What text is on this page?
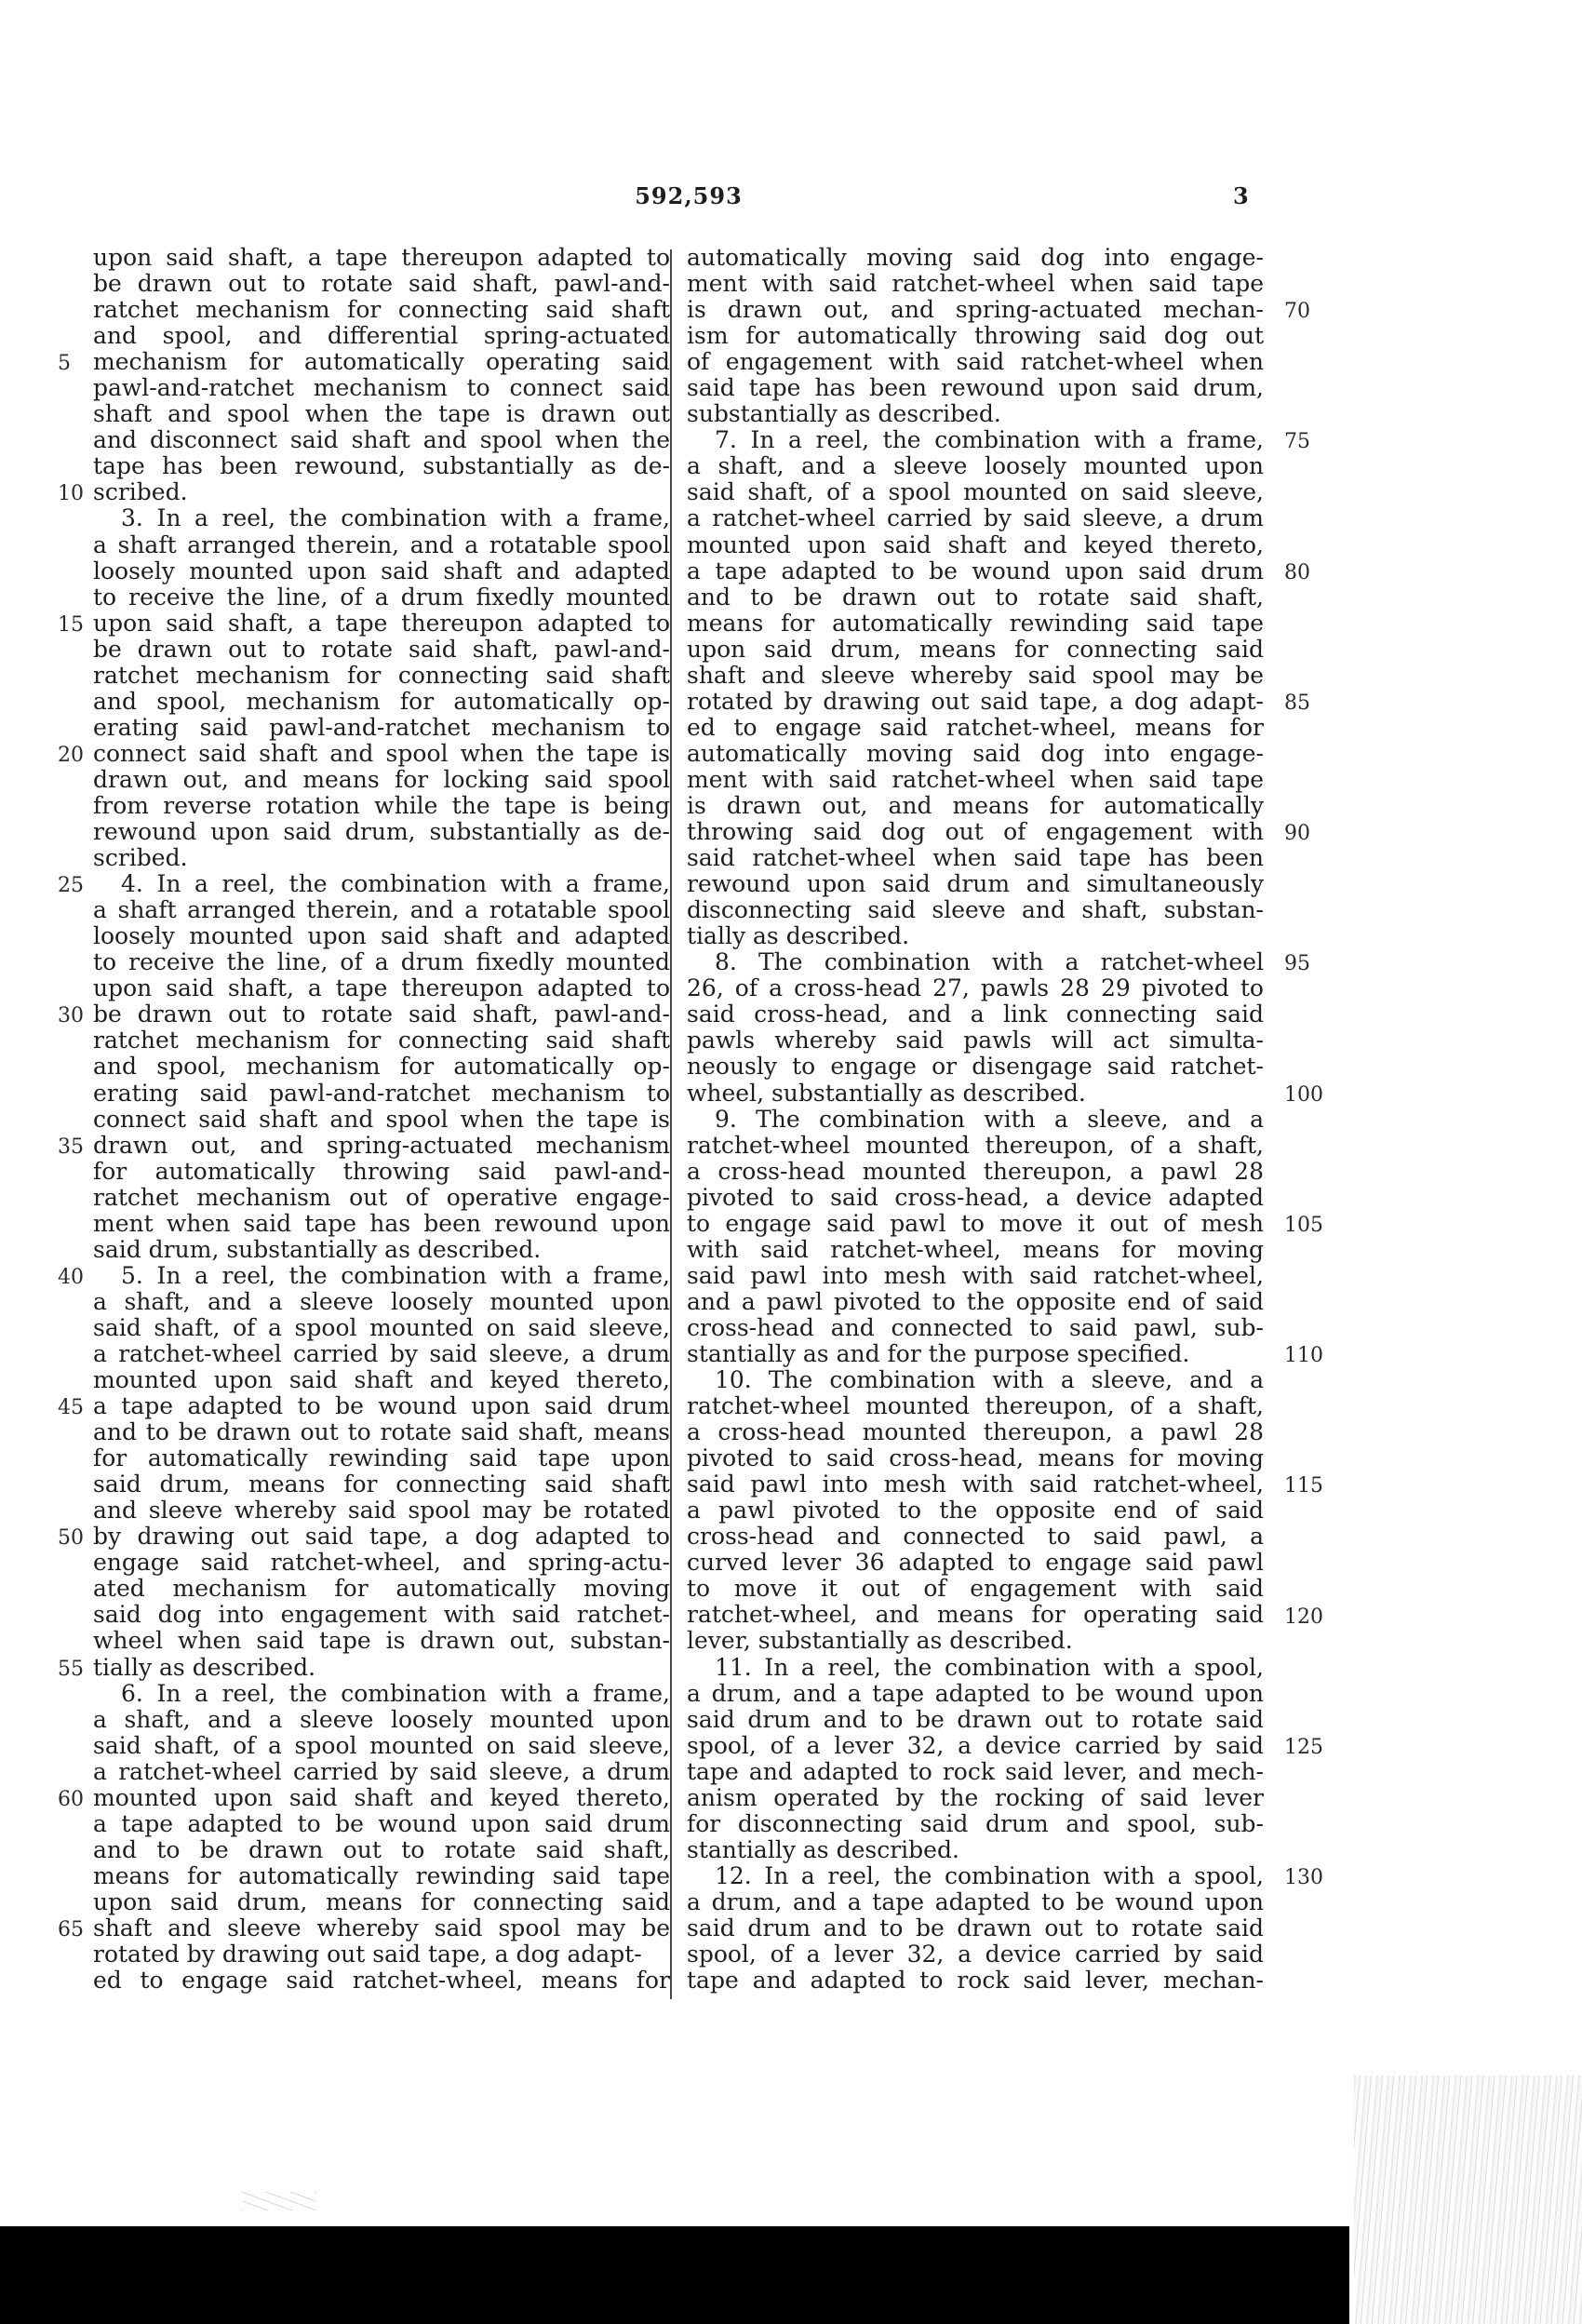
592,593	3
upon said shaft, a tape thereupon adapted to
be drawn out to rotate said shaft, pawl-and-
ratchet mechanism for connecting said shaft
and spool, and differential spring-actuated
mechanism for automatically operating said
pawl-and-ratchet mechanism to connect said
shaft and spool when the tape is drawn out
and disconnect said shaft and spool when the
tape has been rewound, substantially as de-
scribed.
3. In a reel, the combination with a frame,
a shaft arranged therein, and a rotatable spool
loosely mounted upon said shaft and adapted
to receive the line, of a drum fixedly mounted
upon said shaft, a tape thereupon adapted to
be drawn out to rotate said shaft, pawl-and-
ratchet mechanism for connecting said shaft
and spool, mechanism for automatically op-
erating said pawl-and-ratchet mechanism to
connect said shaft and spool when the tape is
drawn out, and means for locking said spool
from reverse rotation while the tape is being
rewound upon said drum, substantially as de-
scribed.
4. In a reel, the combination with a frame,
a shaft arranged therein, and a rotatable spool
loosely mounted upon said shaft and adapted
to receive the line, of a drum fixedly mounted
upon said shaft, a tape thereupon adapted to
be drawn out to rotate said shaft, pawl-and-
ratchet mechanism for connecting said shaft
and spool, mechanism for automatically op-
erating said pawl-and-ratchet mechanism to
connect said shaft and spool when the tape is
drawn out, and spring-actuated mechanism
for automatically throwing said pawl-and-
ratchet mechanism out of operative engage-
ment when said tape has been rewound upon
said drum, substantially as described.
5. In a reel, the combination with a frame,
a shaft, and a sleeve loosely mounted upon
said shaft, of a spool mounted on said sleeve,
a ratchet-wheel carried by said sleeve, a drum
mounted upon said shaft and keyed thereto,
a tape adapted to be wound upon said drum
and to be drawn out to rotate said shaft, means
for automatically rewinding said tape upon
said drum, means for connecting said shaft
and sleeve whereby said spool may be rotated
by drawing out said tape, a dog adapted to
engage said ratchet-wheel, and spring-actu-
ated mechanism for automatically moving
said dog into engagement with said ratchet-
wheel when said tape is drawn out, substan-
tially as described.
6. In a reel, the combination with a frame,
a shaft, and a sleeve loosely mounted upon
said shaft, of a spool mounted on said sleeve,
a ratchet-wheel carried by said sleeve, a drum
mounted upon said shaft and keyed thereto,
a tape adapted to be wound upon said drum
and to be drawn out to rotate said shaft,
means for automatically rewinding said tape
upon said drum, means for connecting said
shaft and sleeve whereby said spool may be
rotated by drawing out said tape, a dog adapt-
ed to engage said ratchet-wheel, means for
automatically moving said dog into engage-
ment with said ratchet-wheel when said tape
is drawn out, and spring-actuated mechan-
ism for automatically throwing said dog out
of engagement with said ratchet-wheel when
said tape has been rewound upon said drum,
substantially as described.
7. In a reel, the combination with a frame,
a shaft, and a sleeve loosely mounted upon
said shaft, of a spool mounted on said sleeve,
a ratchet-wheel carried by said sleeve, a drum
mounted upon said shaft and keyed thereto,
a tape adapted to be wound upon said drum
and to be drawn out to rotate said shaft,
means for automatically rewinding said tape
upon said drum, means for connecting said
shaft and sleeve whereby said spool may be
rotated by drawing out said tape, a dog adapt-
ed to engage said ratchet-wheel, means for
automatically moving said dog into engage-
ment with said ratchet-wheel when said tape
is drawn out, and means for automatically
throwing said dog out of engagement with
said ratchet-wheel when said tape has been
rewound upon said drum and simultaneously
disconnecting said sleeve and shaft, substan-
tially as described.
8. The combination with a ratchet-wheel
26, of a cross-head 27, pawls 28 29 pivoted to
said cross-head, and a link connecting said
pawls whereby said pawls will act simulta-
neously to engage or disengage said ratchet-
wheel, substantially as described.
9. The combination with a sleeve, and a
ratchet-wheel mounted thereupon, of a shaft,
a cross-head mounted thereupon, a pawl 28
pivoted to said cross-head, a device adapted
to engage said pawl to move it out of mesh
with said ratchet-wheel, means for moving
said pawl into mesh with said ratchet-wheel,
and a pawl pivoted to the opposite end of said
cross-head and connected to said pawl, sub-
stantially as and for the purpose specified.
10. The combination with a sleeve, and a
ratchet-wheel mounted thereupon, of a shaft,
a cross-head mounted thereupon, a pawl 28
pivoted to said cross-head, means for moving
said pawl into mesh with said ratchet-wheel,
a pawl pivoted to the opposite end of said
cross-head and connected to said pawl, a
curved lever 36 adapted to engage said pawl
to move it out of engagement with said
ratchet-wheel, and means for operating said
lever, substantially as described.
11. In a reel, the combination with a spool,
a drum, and a tape adapted to be wound upon
said drum and to be drawn out to rotate said
spool, of a lever 32, a device carried by said
tape and adapted to rock said lever, and mech-
anism operated by the rocking of said lever
for disconnecting said drum and spool, sub-
stantially as described.
12. In a reel, the combination with a spool,
a drum, and a tape adapted to be wound upon
said drum and to be drawn out to rotate said
spool, of a lever 32, a device carried by said
tape and adapted to rock said lever, mechan-
5
10
15
20
25
30
35
40
45
50
55
60
65
70
75
80
85
90
95
100
105
110
115
120
125
130
